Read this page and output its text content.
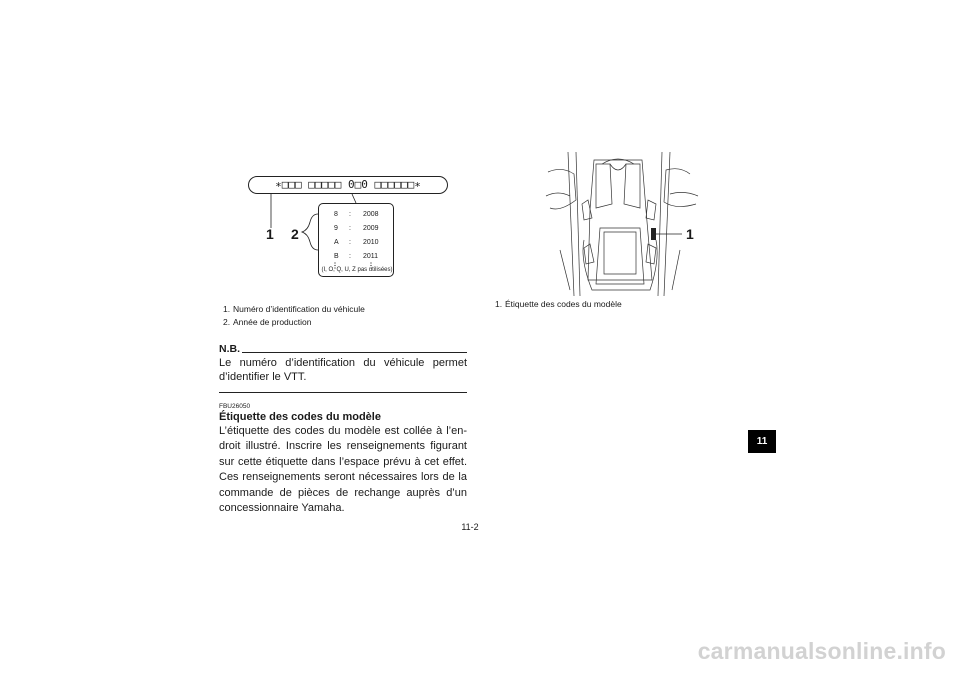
∗□□□ □□□□□ 0□0 □□□□□□∗
1 2
8 : 2008
9 : 2009
A : 2010
B : 2011
(I, O, Q, U, Z pas utilisées)
1. Numéro d’identification du véhicule
2. Année de production
N.B.
Le numéro d’identification du véhicule permet d’identifier le VTT.
FBU26050
Étiquette des codes du modèle
L’étiquette des codes du modèle est collée à l’en-droit illustré. Inscrire les renseignements figurant sur cette étiquette dans l’espace prévu à cet effet. Ces renseignements seront nécessaires lors de la commande de pièces de rechange auprès d’un concessionnaire Yamaha.
1
1. Étiquette des codes du modèle
11-2
11
carmanualsonline.info
